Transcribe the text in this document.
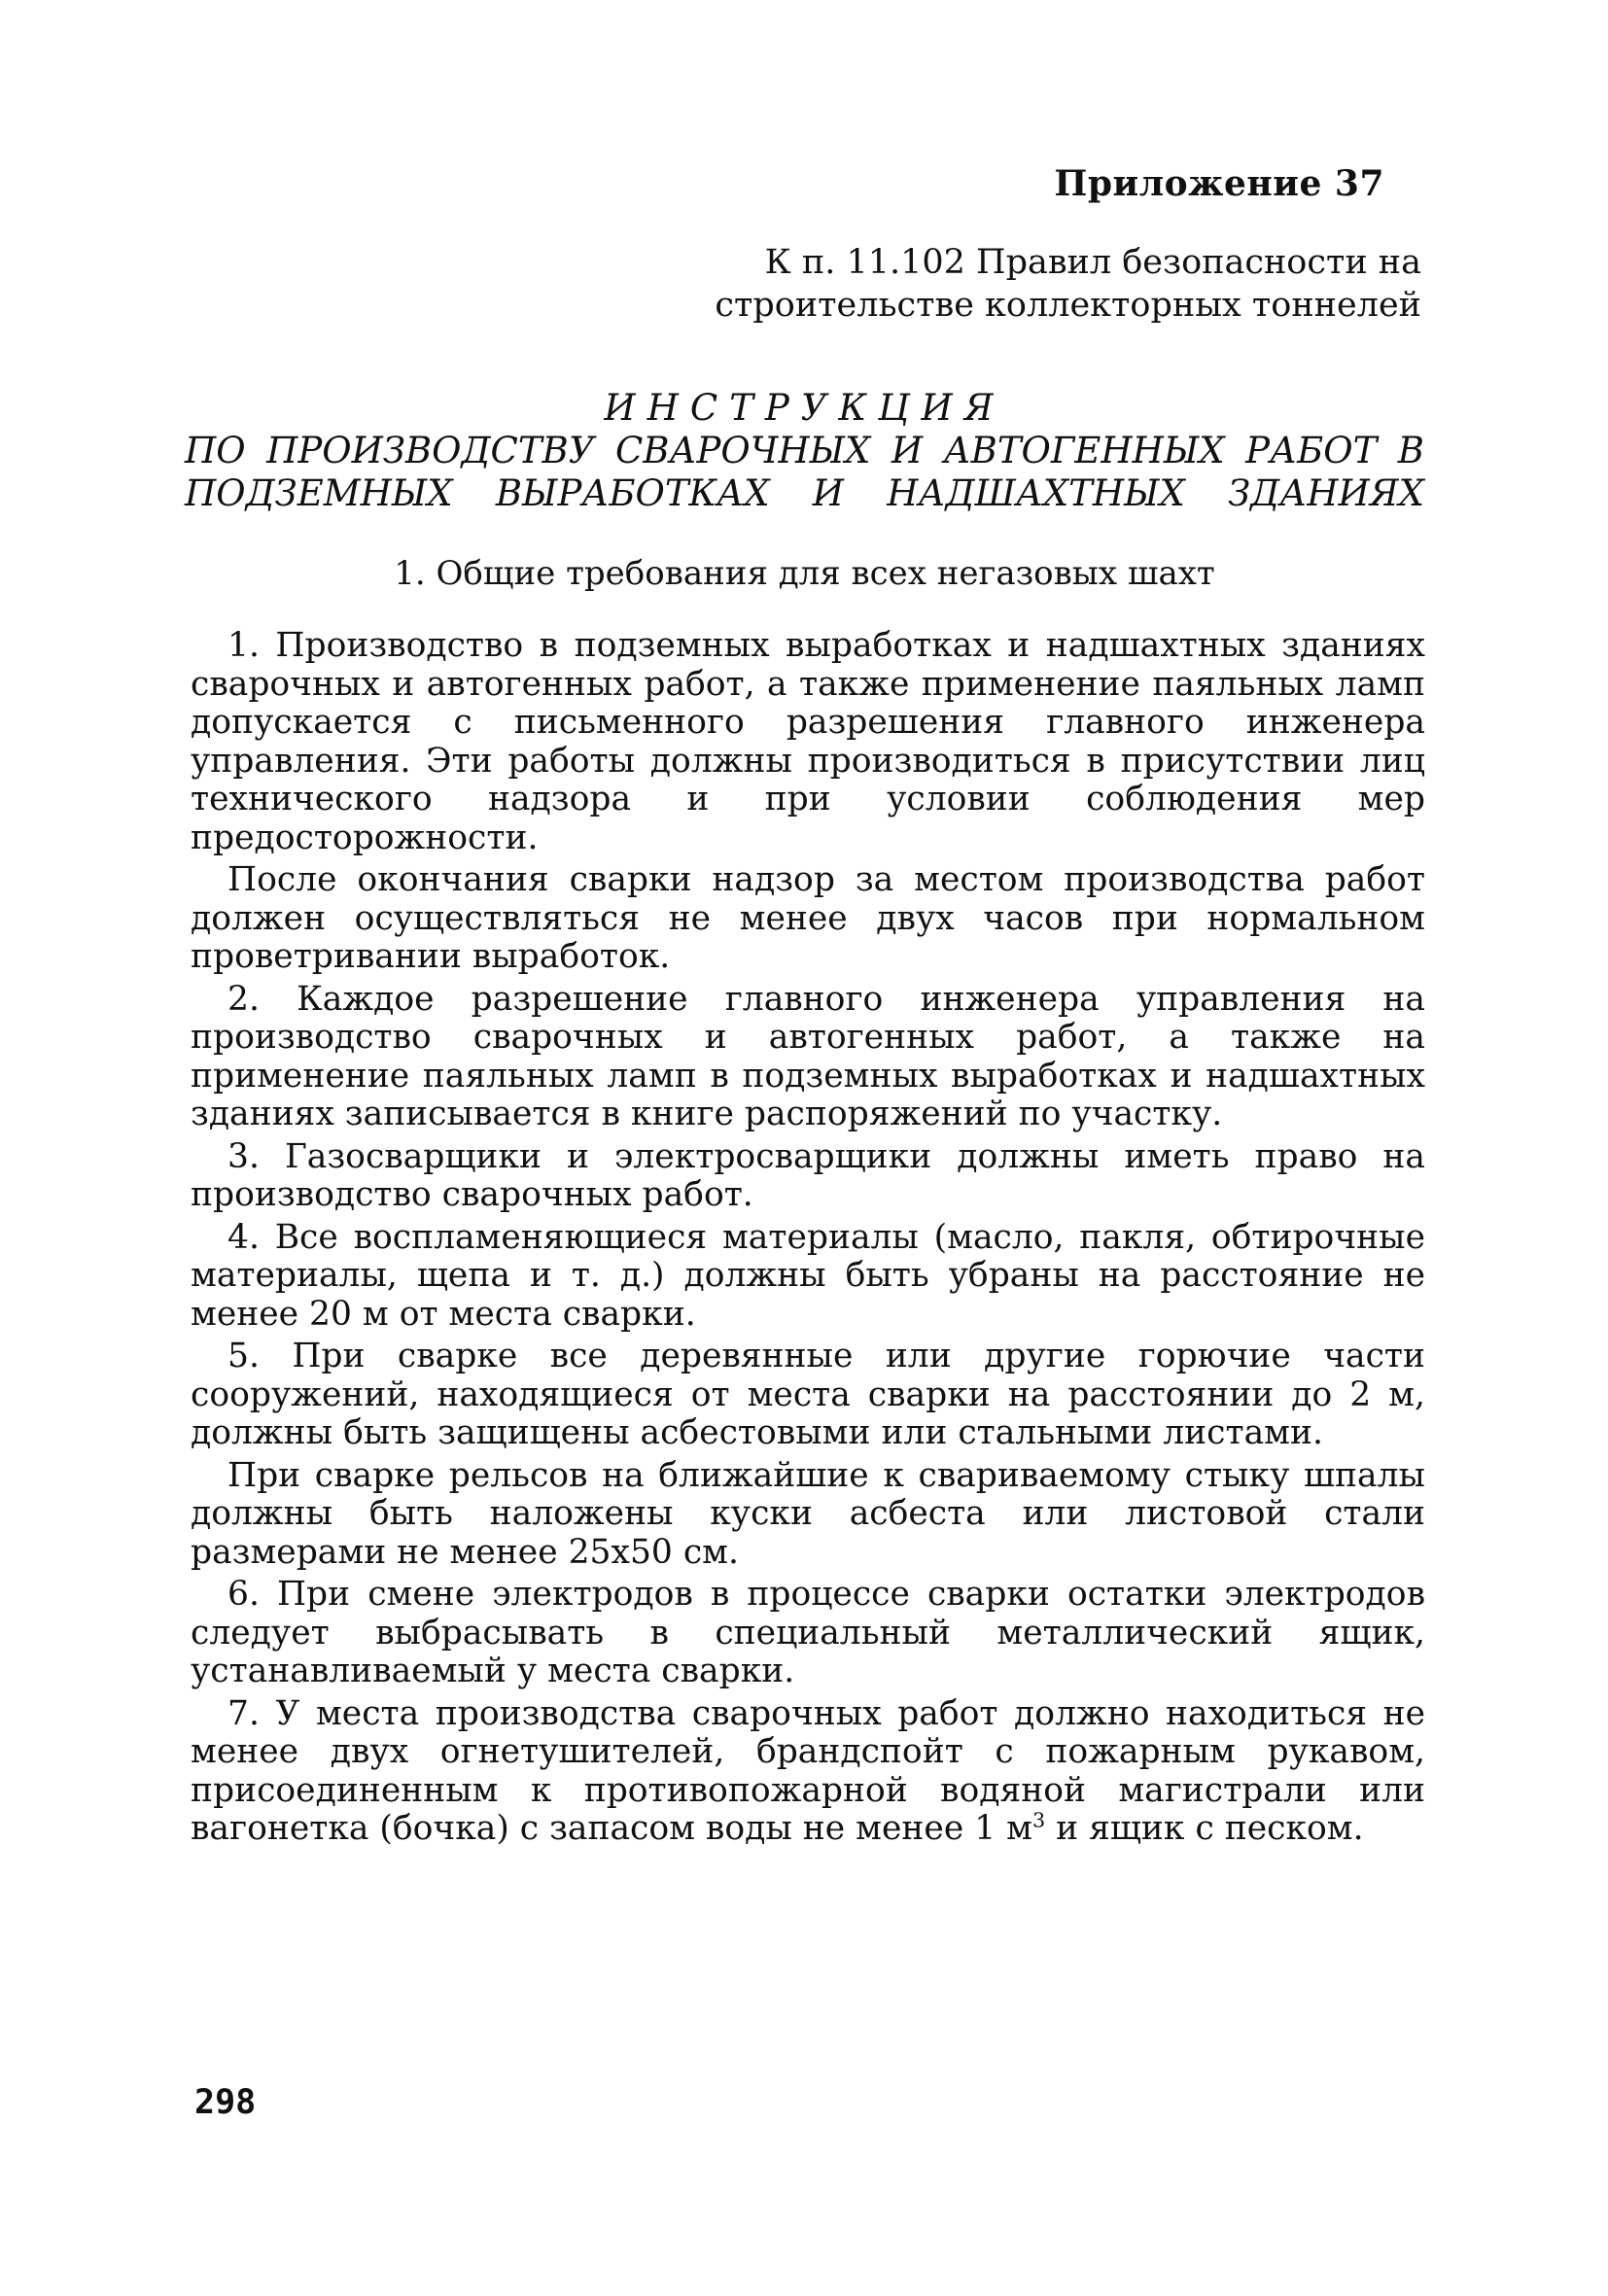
Приложение 37
К п. 11.102 Правил безопасности на
строительстве коллекторных тоннелей
ИНСТРУКЦИЯ
ПО ПРОИЗВОДСТВУ СВАРОЧНЫХ И АВТОГЕННЫХ РАБОТ В
ПОДЗЕМНЫХ ВЫРАБОТКАХ И НАДШАХТНЫХ ЗДАНИЯХ
1. Общие требования для всех негазовых шахт

1. Производство в подземных выработках и надшахтных зданиях сварочных и автогенных работ, а также применение паяльных ламп допускается с письменного разрешения главного инженера управления. Эти работы должны производиться в присутствии лиц технического надзора и при условии соблюдения мер предосторожности.

После окончания сварки надзор за местом производства работ должен осуществляться не менее двух часов при нормальном проветривании выработок.

2. Каждое разрешение главного инженера управления на производство сварочных и автогенных работ, а также на применение паяльных ламп в подземных выработках и надшахтных зданиях записывается в книге распоряжений по участку.

3. Газосварщики и электросварщики должны иметь право на производство сварочных работ.

4. Все воспламеняющиеся материалы (масло, пакля, обтирочные материалы, щепа и т. д.) должны быть убраны на расстояние не менее 20 м от места сварки.

5. При сварке все деревянные или другие горючие части сооружений, находящиеся от места сварки на расстоянии до 2 м, должны быть защищены асбестовыми или стальными листами.

При сварке рельсов на ближайшие к свариваемому стыку шпалы должны быть наложены куски асбеста или листовой стали размерами не менее 25х50 см.

6. При смене электродов в процессе сварки остатки электродов следует выбрасывать в специальный металлический ящик, устанавливаемый у места сварки.

7. У места производства сварочных работ должно находиться не менее двух огнетушителей, брандспойт с пожарным рукавом, присоединенным к противопожарной водяной магистрали или вагонетка (бочка) с запасом воды не менее 1 $м^3$ и ящик с песком.

298
